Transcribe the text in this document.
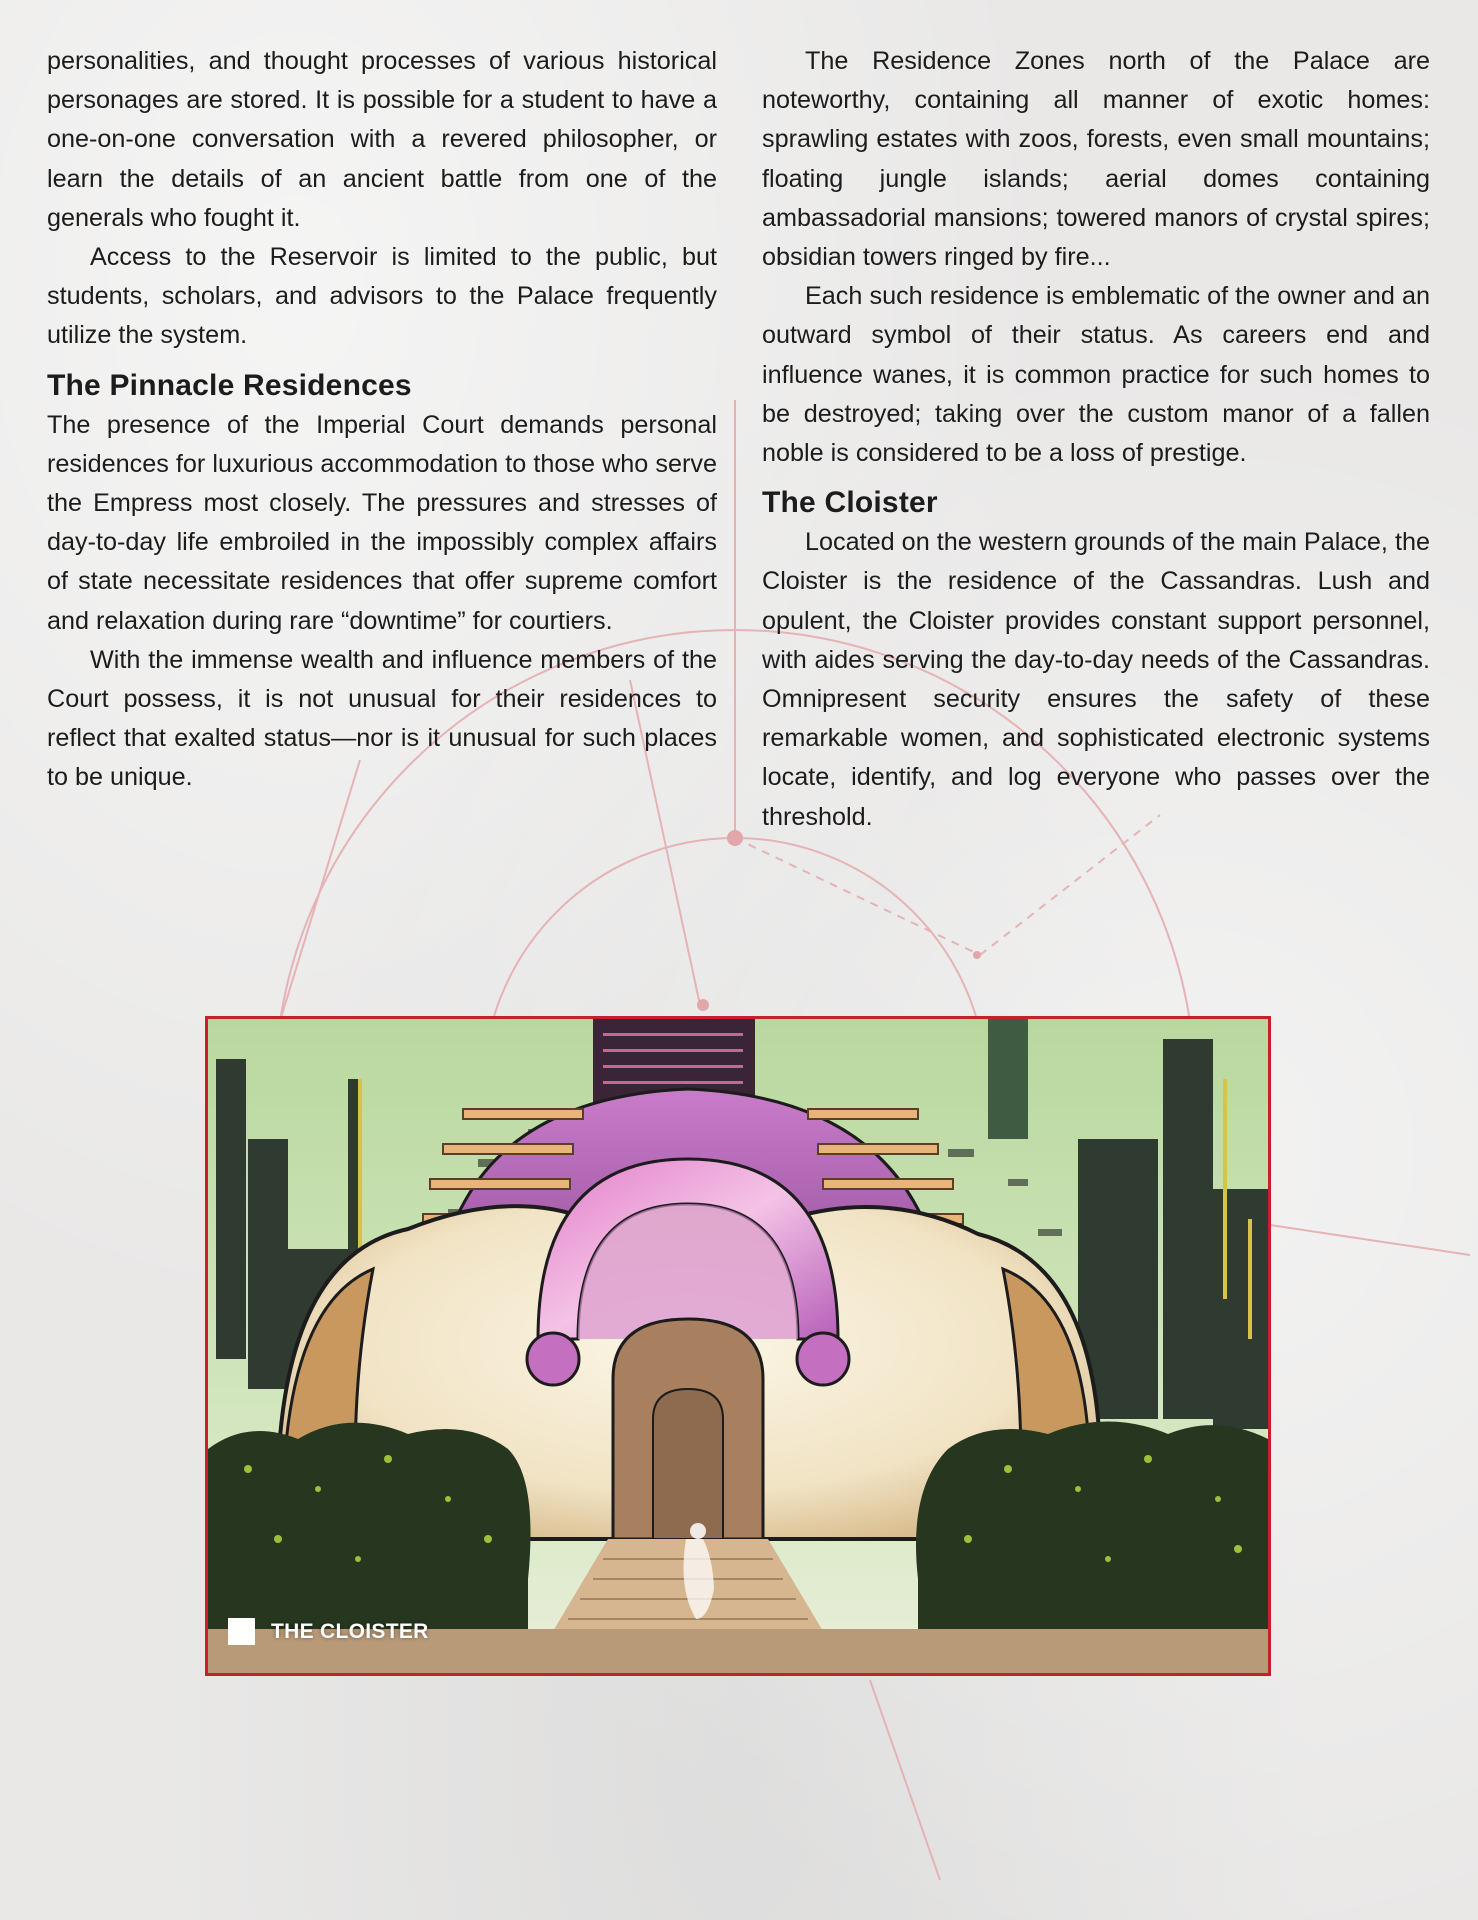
personalities, and thought processes of various historical personages are stored. It is possible for a student to have a one-on-one conversation with a revered philosopher, or learn the details of an ancient battle from one of the generals who fought it.

Access to the Reservoir is limited to the public, but students, scholars, and advisors to the Palace frequently utilize the system.

The Pinnacle Residences

The presence of the Imperial Court demands personal residences for luxurious accommodation to those who serve the Empress most closely. The pressures and stresses of day-to-day life embroiled in the impossibly complex affairs of state necessitate residences that offer supreme comfort and relaxation during rare “downtime” for courtiers.

With the immense wealth and influence members of the Court possess, it is not unusual for their residences to reflect that exalted status—nor is it unusual for such places to be unique.

The Residence Zones north of the Palace are noteworthy, containing all manner of exotic homes: sprawling estates with zoos, forests, even small mountains; floating jungle islands; aerial domes containing ambassadorial mansions; towered manors of crystal spires; obsidian towers ringed by fire...

Each such residence is emblematic of the owner and an outward symbol of their status. As careers end and influence wanes, it is common practice for such homes to be destroyed; taking over the custom manor of a fallen noble is considered to be a loss of prestige.

The Cloister

Located on the western grounds of the main Palace, the Cloister is the residence of the Cassandras. Lush and opulent, the Cloister provides constant support personnel, with aides serving the day-to-day needs of the Cassandras. Omnipresent security ensures the safety of these remarkable women, and sophisticated electronic systems locate, identify, and log everyone who passes over the threshold.

THE CLOISTER
